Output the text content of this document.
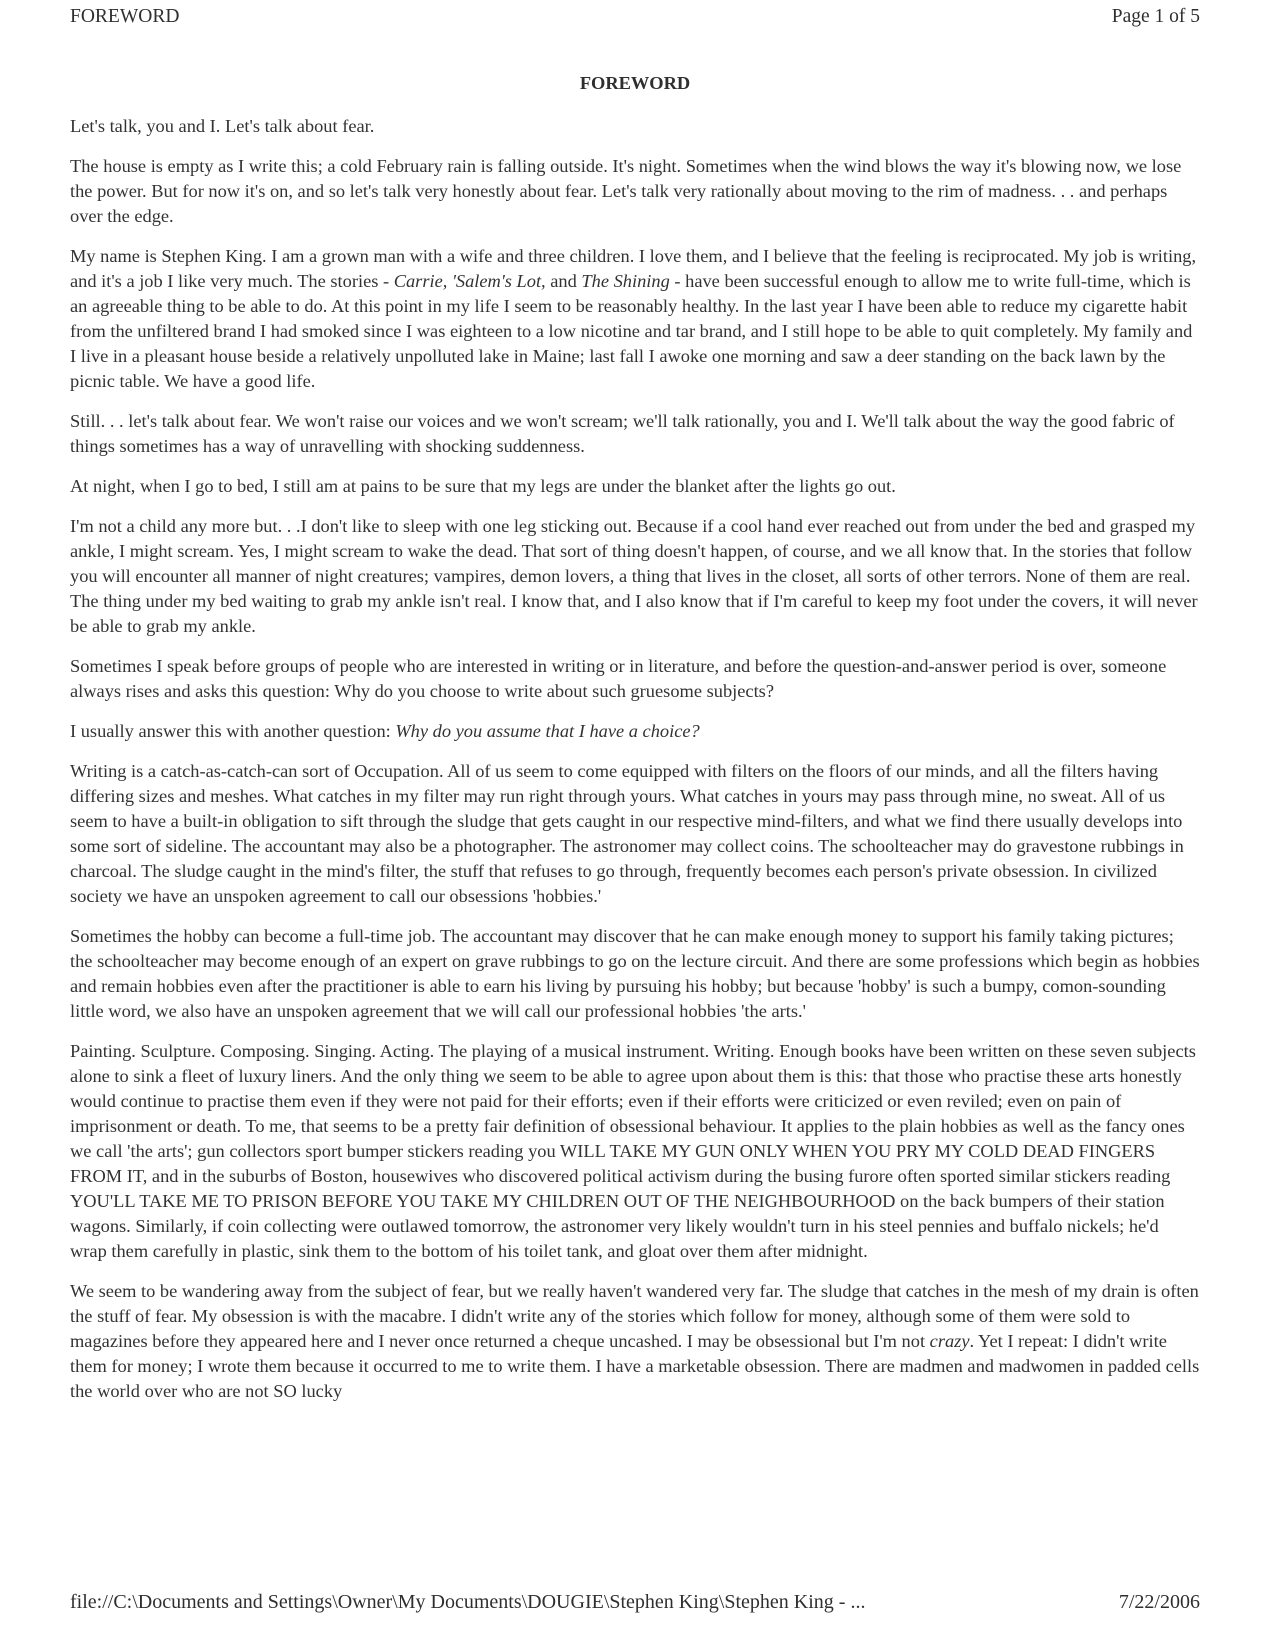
FOREWORD	Page 1 of 5
FOREWORD

Let's talk, you and I. Let's talk about fear.

The house is empty as I write this; a cold February rain is falling outside. It's night. Sometimes when the wind blows the way it's blowing now, we lose the power. But for now it's on, and so let's talk very honestly about fear. Let's talk very rationally about moving to the rim of madness. . . and perhaps over the edge.

My name is Stephen King. I am a grown man with a wife and three children. I love them, and I believe that the feeling is reciprocated. My job is writing, and it's a job I like very much. The stories - Carrie, 'Salem's Lot, and The Shining - have been successful enough to allow me to write full-time, which is an agreeable thing to be able to do. At this point in my life I seem to be reasonably healthy. In the last year I have been able to reduce my cigarette habit from the unfiltered brand I had smoked since I was eighteen to a low nicotine and tar brand, and I still hope to be able to quit completely. My family and I live in a pleasant house beside a relatively unpolluted lake in Maine; last fall I awoke one morning and saw a deer standing on the back lawn by the picnic table. We have a good life.

Still. . . let's talk about fear. We won't raise our voices and we won't scream; we'll talk rationally, you and I. We'll talk about the way the good fabric of things sometimes has a way of unravelling with shocking suddenness.

At night, when I go to bed, I still am at pains to be sure that my legs are under the blanket after the lights go out.

I'm not a child any more but. . .I don't like to sleep with one leg sticking out. Because if a cool hand ever reached out from under the bed and grasped my ankle, I might scream. Yes, I might scream to wake the dead. That sort of thing doesn't happen, of course, and we all know that. In the stories that follow you will encounter all manner of night creatures; vampires, demon lovers, a thing that lives in the closet, all sorts of other terrors. None of them are real. The thing under my bed waiting to grab my ankle isn't real. I know that, and I also know that if I'm careful to keep my foot under the covers, it will never be able to grab my ankle.

Sometimes I speak before groups of people who are interested in writing or in literature, and before the question-and-answer period is over, someone always rises and asks this question: Why do you choose to write about such gruesome subjects?

I usually answer this with another question: Why do you assume that I have a choice?

Writing is a catch-as-catch-can sort of Occupation. All of us seem to come equipped with filters on the floors of our minds, and all the filters having differing sizes and meshes. What catches in my filter may run right through yours. What catches in yours may pass through mine, no sweat. All of us seem to have a built-in obligation to sift through the sludge that gets caught in our respective mind-filters, and what we find there usually develops into some sort of sideline. The accountant may also be a photographer. The astronomer may collect coins. The schoolteacher may do gravestone rubbings in charcoal. The sludge caught in the mind's filter, the stuff that refuses to go through, frequently becomes each person's private obsession. In civilized society we have an unspoken agreement to call our obsessions 'hobbies.'

Sometimes the hobby can become a full-time job. The accountant may discover that he can make enough money to support his family taking pictures; the schoolteacher may become enough of an expert on grave rubbings to go on the lecture circuit. And there are some professions which begin as hobbies and remain hobbies even after the practitioner is able to earn his living by pursuing his hobby; but because 'hobby' is such a bumpy, comon-sounding little word, we also have an unspoken agreement that we will call our professional hobbies 'the arts.'

Painting. Sculpture. Composing. Singing. Acting. The playing of a musical instrument. Writing. Enough books have been written on these seven subjects alone to sink a fleet of luxury liners. And the only thing we seem to be able to agree upon about them is this: that those who practise these arts honestly would continue to practise them even if they were not paid for their efforts; even if their efforts were criticized or even reviled; even on pain of imprisonment or death. To me, that seems to be a pretty fair definition of obsessional behaviour. It applies to the plain hobbies as well as the fancy ones we call 'the arts'; gun collectors sport bumper stickers reading you WILL TAKE MY GUN ONLY WHEN YOU PRY MY COLD DEAD FINGERS FROM IT, and in the suburbs of Boston, housewives who discovered political activism during the busing furore often sported similar stickers reading YOU'LL TAKE ME TO PRISON BEFORE YOU TAKE MY CHILDREN OUT OF THE NEIGHBOURHOOD on the back bumpers of their station wagons. Similarly, if coin collecting were outlawed tomorrow, the astronomer very likely wouldn't turn in his steel pennies and buffalo nickels; he'd wrap them carefully in plastic, sink them to the bottom of his toilet tank, and gloat over them after midnight.

We seem to be wandering away from the subject of fear, but we really haven't wandered very far. The sludge that catches in the mesh of my drain is often the stuff of fear. My obsession is with the macabre. I didn't write any of the stories which follow for money, although some of them were sold to magazines before they appeared here and I never once returned a cheque uncashed. I may be obsessional but I'm not crazy. Yet I repeat: I didn't write them for money; I wrote them because it occurred to me to write them. I have a marketable obsession. There are madmen and madwomen in padded cells the world over who are not SO lucky

file://C:\Documents and Settings\Owner\My Documents\DOUGIE\Stephen King\Stephen King - ...	7/22/2006
